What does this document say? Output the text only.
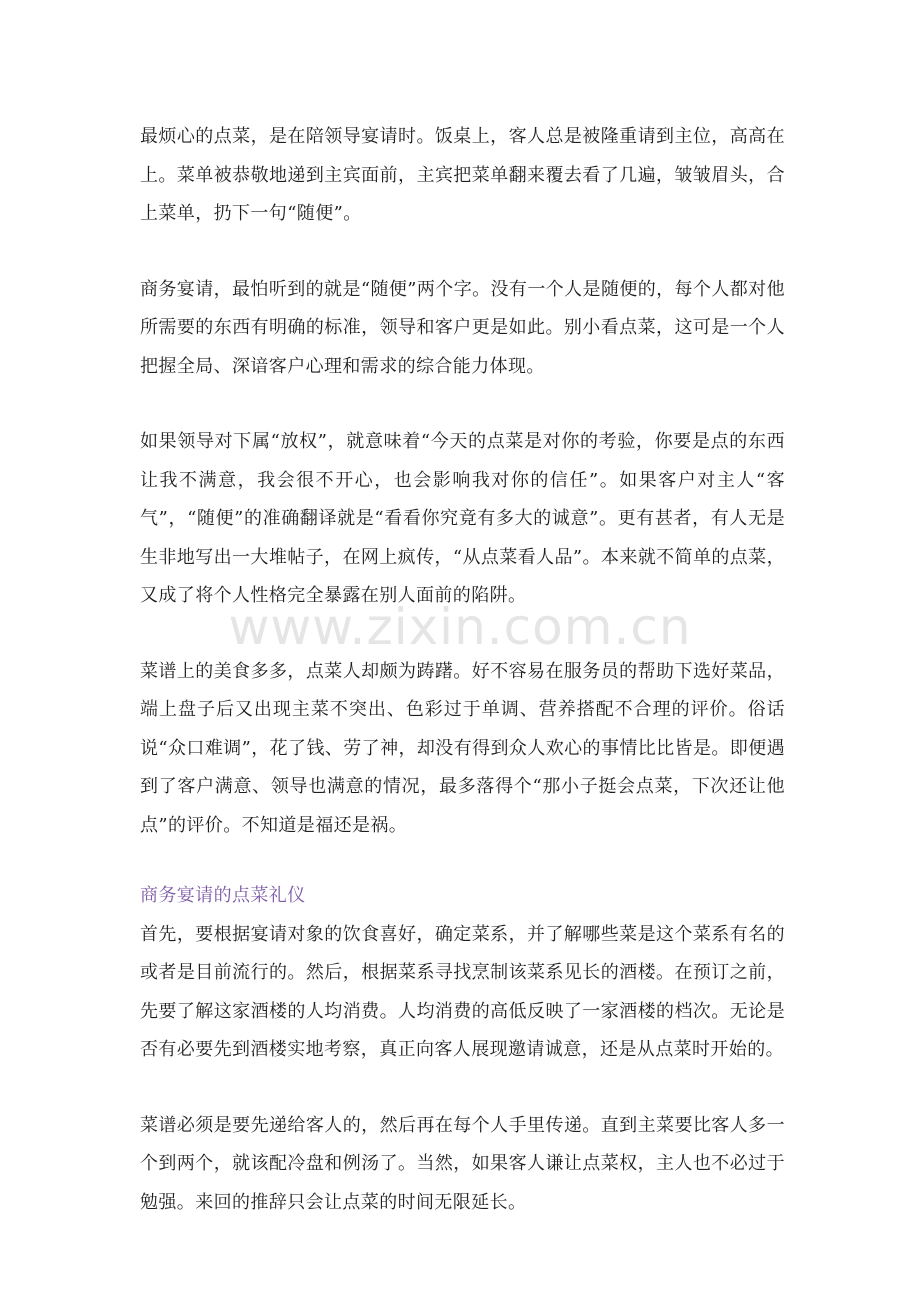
www.zixin.com.cn

最烦心的点菜，是在陪领导宴请时。饭桌上，客人总是被隆重请到主位，高高在上。菜单被恭敬地递到主宾面前，主宾把菜单翻来覆去看了几遍，皱皱眉头，合上菜单，扔下一句“随便”。

商务宴请，最怕听到的就是“随便”两个字。没有一个人是随便的，每个人都对他所需要的东西有明确的标准，领导和客户更是如此。别小看点菜，这可是一个人把握全局、深谙客户心理和需求的综合能力体现。

如果领导对下属“放权”，就意味着“今天的点菜是对你的考验，你要是点的东西让我不满意，我会很不开心，也会影响我对你的信任”。如果客户对主人“客气”，“随便”的准确翻译就是“看看你究竟有多大的诚意”。更有甚者，有人无是生非地写出一大堆帖子，在网上疯传，“从点菜看人品”。本来就不简单的点菜，又成了将个人性格完全暴露在别人面前的陷阱。

菜谱上的美食多多，点菜人却颇为踌躇。好不容易在服务员的帮助下选好菜品，端上盘子后又出现主菜不突出、色彩过于单调、营养搭配不合理的评价。俗话说“众口难调”，花了钱、劳了神，却没有得到众人欢心的事情比比皆是。即便遇到了客户满意、领导也满意的情况，最多落得个“那小子挺会点菜，下次还让他点”的评价。不知道是福还是祸。

商务宴请的点菜礼仪

首先，要根据宴请对象的饮食喜好，确定菜系，并了解哪些菜是这个菜系有名的或者是目前流行的。然后，根据菜系寻找烹制该菜系见长的酒楼。在预订之前，先要了解这家酒楼的人均消费。人均消费的高低反映了一家酒楼的档次。无论是否有必要先到酒楼实地考察，真正向客人展现邀请诚意，还是从点菜时开始的。

菜谱必须是要先递给客人的，然后再在每个人手里传递。直到主菜要比客人多一个到两个，就该配冷盘和例汤了。当然，如果客人谦让点菜权，主人也不必过于勉强。来回的推辞只会让点菜的时间无限延长。
